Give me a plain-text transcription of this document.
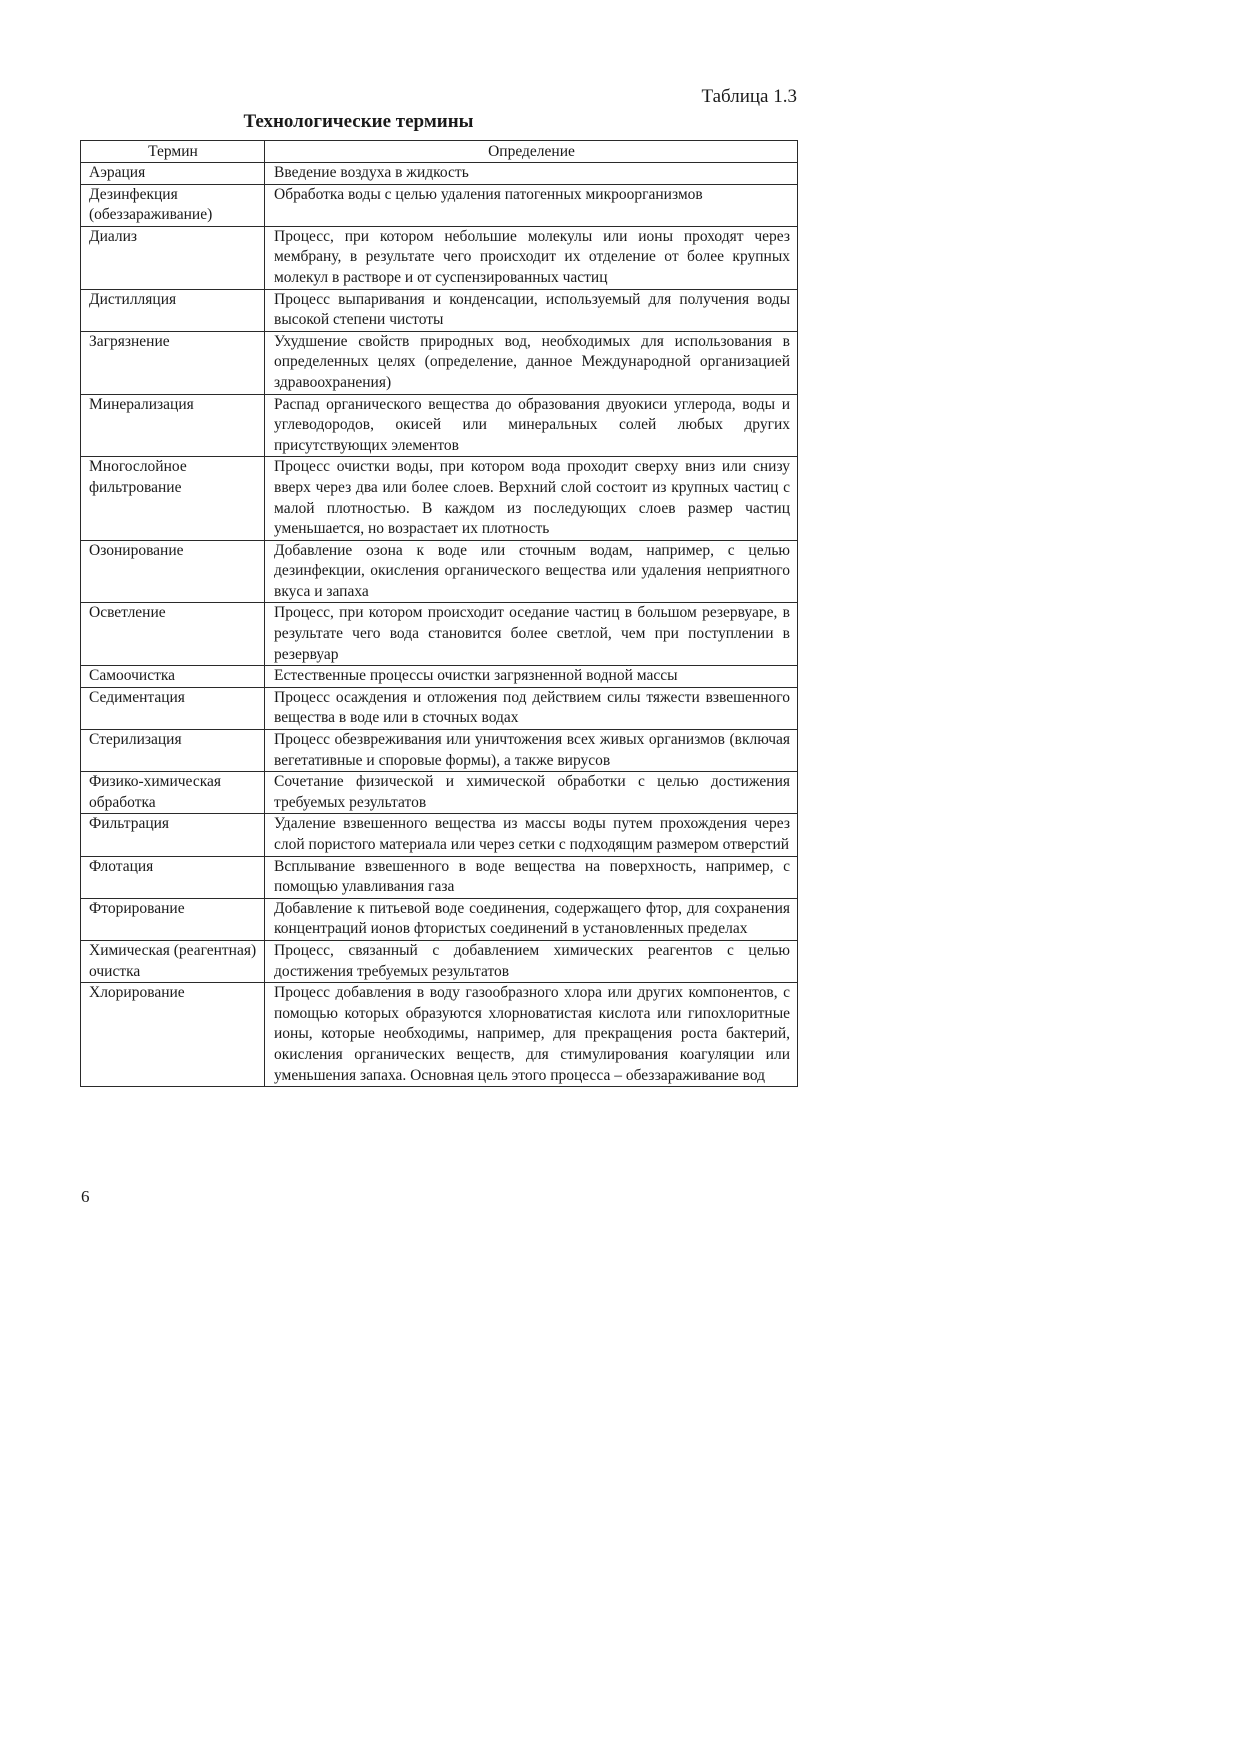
Таблица 1.3
Технологические термины
Термин	Определение
Аэрация	Введение воздуха в жидкость
Дезинфекция (обеззараживание)	Обработка воды с целью удаления патогенных микроорганизмов
Диализ	Процесс, при котором небольшие молекулы или ионы проходят через мембрану, в результате чего происходит их отделение от более крупных молекул в растворе и от суспензированных частиц
Дистилляция	Процесс выпаривания и конденсации, используемый для получения воды высокой степени чистоты
Загрязнение	Ухудшение свойств природных вод, необходимых для использования в определенных целях (определение, данное Международной организацией здравоохранения)
Минерализация	Распад органического вещества до образования двуокиси углерода, воды и углеводородов, окисей или минеральных солей любых других присутствующих элементов
Многослойное фильтрование	Процесс очистки воды, при котором вода проходит сверху вниз или снизу вверх через два или более слоев. Верхний слой состоит из крупных частиц с малой плотностью. В каждом из последующих слоев размер частиц уменьшается, но возрастает их плотность
Озонирование	Добавление озона к воде или сточным водам, например, с целью дезинфекции, окисления органического вещества или удаления неприятного вкуса и запаха
Осветление	Процесс, при котором происходит оседание частиц в большом резервуаре, в результате чего вода становится более светлой, чем при поступлении в резервуар
Самоочистка	Естественные процессы очистки загрязненной водной массы
Седиментация	Процесс осаждения и отложения под действием силы тяжести взвешенного вещества в воде или в сточных водах
Стерилизация	Процесс обезвреживания или уничтожения всех живых организмов (включая вегетативные и споровые формы), а также вирусов
Физико-химическая обработка	Сочетание физической и химической обработки с целью достижения требуемых результатов
Фильтрация	Удаление взвешенного вещества из массы воды путем прохождения через слой пористого материала или через сетки с подходящим размером отверстий
Флотация	Всплывание взвешенного в воде вещества на поверхность, например, с помощью улавливания газа
Фторирование	Добавление к питьевой воде соединения, содержащего фтор, для сохранения концентраций ионов фтористых соединений в установленных пределах
Химическая (реагентная) очистка	Процесс, связанный с добавлением химических реагентов с целью достижения требуемых результатов
Хлорирование	Процесс добавления в воду газообразного хлора или других компонентов, с помощью которых образуются хлорноватистая кислота или гипохлоритные ионы, которые необходимы, например, для прекращения роста бактерий, окисления органических веществ, для стимулирования коагуляции или уменьшения запаха. Основная цель этого процесса – обеззараживание вод
6
